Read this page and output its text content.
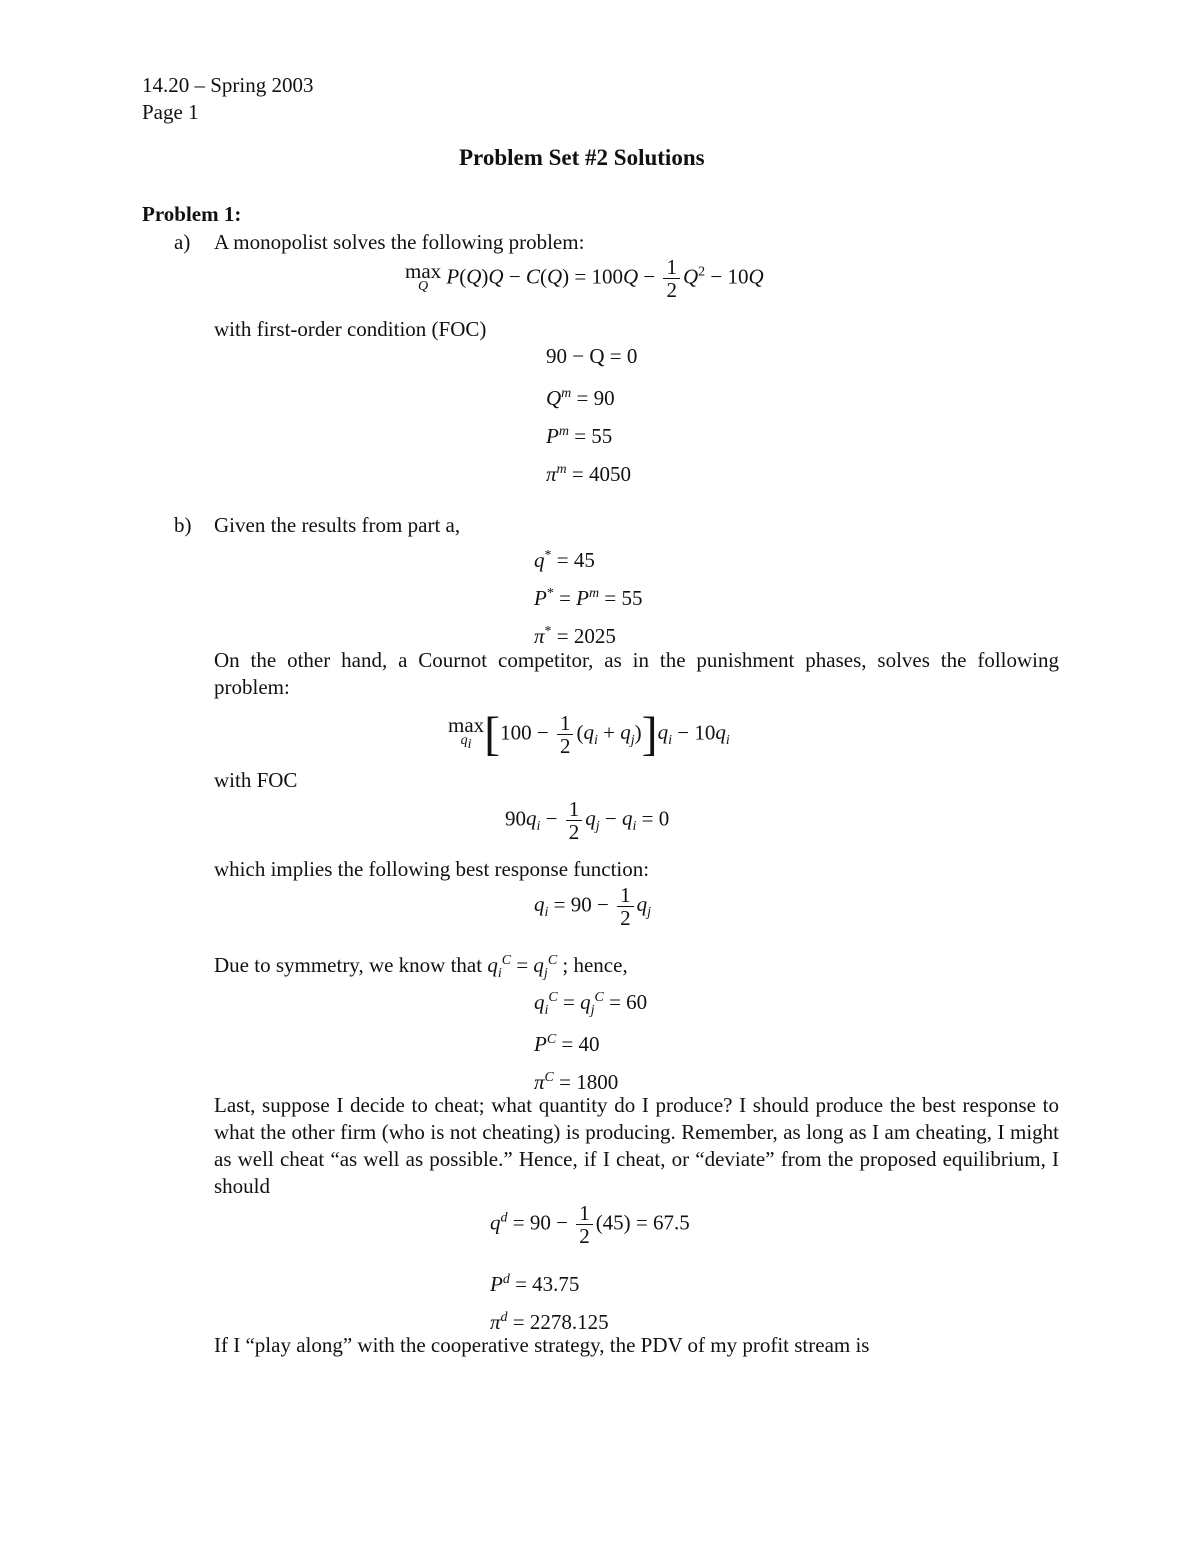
14.20 – Spring 2003
Page 1
Problem Set #2 Solutions
Problem 1:
a) A monopolist solves the following problem:
max
Q $P(Q)Q - C(Q) = 100Q - \frac{1}{2} Q^2 - 10Q$
with first-order condition (FOC)
90 − Q = 0
$Q^m = 90$
$P^m = 55$
$\pi^m = 4050$
b) Given the results from part a,
q* = 45
$P^* = P^m = 55$
π* = 2025
On the other hand, a Cournot competitor, as in the punishment phases, solves the following problem:
max
$q_i$ $[100 - \frac{1}{2} (q_i + q_j)]q_i - 10q_i$
with FOC
$90q_i - \frac{1}{2} q_j - q_i = 0$
which implies the following best response function:
$q_i = 90 - \frac{1}{2} q_j$
Due to symmetry, we know that $q_i^C = q_j^C$ ; hence,
$q_i^C = q_j^C = 60$
$P^C = 40$
$\pi^C = 1800$
Last, suppose I decide to cheat; what quantity do I produce? I should produce the best response to what the other firm (who is not cheating) is producing. Remember, as long as I am cheating, I might as well cheat “as well as possible.” Hence, if I cheat, or “deviate” from the proposed equilibrium, I should
$q^d = 90 - \frac{1}{2} (45) = 67.5$
$P^d = 43.75$
$\pi^d = 2278.125$
If I “play along” with the cooperative strategy, the PDV of my profit stream is
